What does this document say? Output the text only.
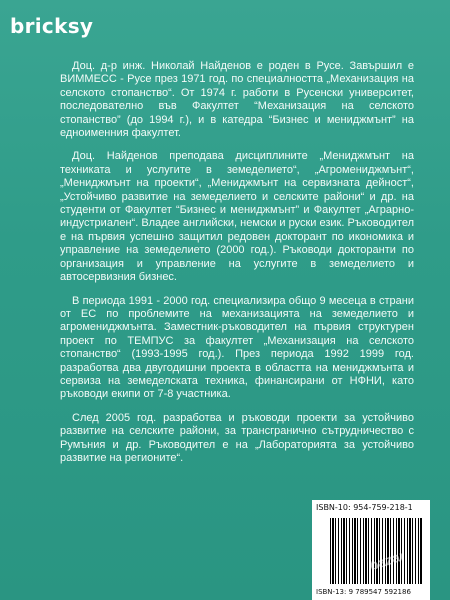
bricksy

Доц. д-р инж. Николай Найденов е роден в Русе. Завършил е ВИММЕСС - Русе през 1971 год. по специалността „Механизация на селското стопанство“. От 1974 г. работи в Русенски университет, последователно във Факултет “Механизация на селското стопанство” (до 1994 г.), и в катедра “Бизнес и мениджмънт” на едноименния факултет.

Доц. Найденов преподава дисциплините „Мениджмънт на техниката и услугите в земеделието“, „Агромениджмънт“, „Мениджмънт на проекти“, „Мениджмънт на сервизната дейност“, „Устойчиво развитие на земеделието и селските райони“ и др. на студенти от Факултет “Бизнес и мениджмънт” и Факултет „Аграрно-индустриален“. Владее английски, немски и руски език. Ръководител е на първия успешно защитил редовен докторант по икономика и управление на земеделието (2000 год.). Ръководи докторанти по организация и управление на услугите в земеделието и автосервизния бизнес.

В периода 1991 - 2000 год. специализира общо 9 месеца в страни от ЕС по проблемите на механизацията на земеделието и агромениджмънта. Заместник-ръководител на първия структурен проект по ТЕМПУС за факултет „Механизация на селското стопанство“ (1993-1995 год.). През периода 1992 1999 год. разработва два двугодишни проекта в областта на мениджмънта и сервиза на земеделската техника, финансирани от НФНИ, като ръководи екипи от 7-8 участника.

След 2005 год. разработва и ръководи проекти за устойчиво развитие на селските райони, за трансгранично сътрудничество с Румъния и др. Ръководител е на „Лабораторията за устойчиво развитие на регионите“.

ISBN-10: 954-759-218-1
ISBN-13: 9 789547 592186
bazar
